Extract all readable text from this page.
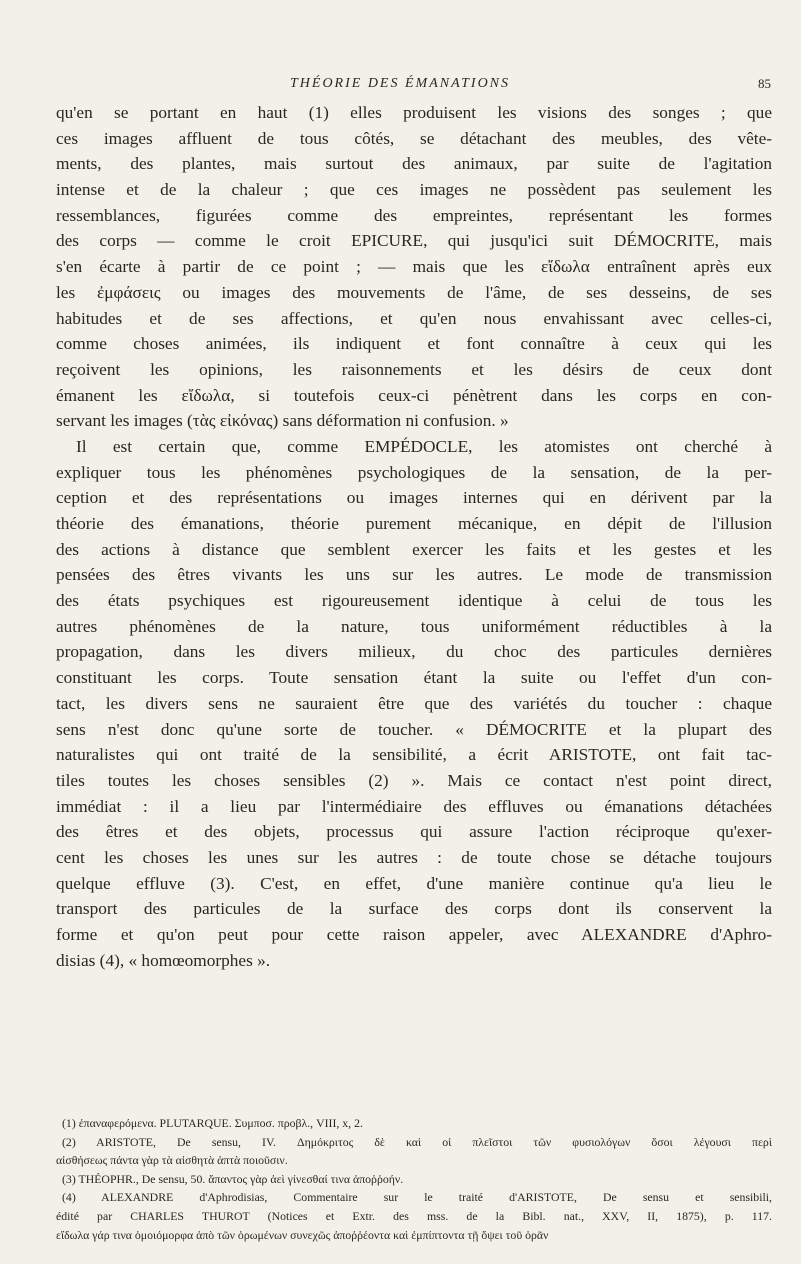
THÉORIE DES ÉMANATIONS	85
qu'en se portant en haut (1) elles produisent les visions des songes ; que
ces images affluent de tous côtés, se détachant des meubles, des vête-
ments, des plantes, mais surtout des animaux, par suite de l'agitation
intense et de la chaleur ; que ces images ne possèdent pas seulement les
ressemblances, figurées comme des empreintes, représentant les formes
des corps — comme le croit EPICURE, qui jusqu'ici suit DÉMOCRITE, mais
s'en écarte à partir de ce point ; — mais que les εἴδωλα entraînent après eux
les ἐμφάσεις ou images des mouvements de l'âme, de ses desseins, de ses
habitudes et de ses affections, et qu'en nous envahissant avec celles-ci,
comme choses animées, ils indiquent et font connaître à ceux qui les
reçoivent les opinions, les raisonnements et les désirs de ceux dont
émanent les εἴδωλα, si toutefois ceux-ci pénètrent dans les corps en con-
servant les images (τὰς εἰκόνας) sans déformation ni confusion. »
Il est certain que, comme EMPÉDOCLE, les atomistes ont cherché à
expliquer tous les phénomènes psychologiques de la sensation, de la per-
ception et des représentations ou images internes qui en dérivent par la
théorie des émanations, théorie purement mécanique, en dépit de l'illusion
des actions à distance que semblent exercer les faits et les gestes et les
pensées des êtres vivants les uns sur les autres. Le mode de transmission
des états psychiques est rigoureusement identique à celui de tous les
autres phénomènes de la nature, tous uniformément réductibles à la
propagation, dans les divers milieux, du choc des particules dernières
constituant les corps. Toute sensation étant la suite ou l'effet d'un con-
tact, les divers sens ne sauraient être que des variétés du toucher : chaque
sens n'est donc qu'une sorte de toucher. « DÉMOCRITE et la plupart des
naturalistes qui ont traité de la sensibilité, a écrit ARISTOTE, ont fait tac-
tiles toutes les choses sensibles (2) ». Mais ce contact n'est point direct,
immédiat : il a lieu par l'intermédiaire des effluves ou émanations détachées
des êtres et des objets, processus qui assure l'action réciproque qu'exer-
cent les choses les unes sur les autres : de toute chose se détache toujours
quelque effluve (3). C'est, en effet, d'une manière continue qu'a lieu le
transport des particules de la surface des corps dont ils conservent la
forme et qu'on peut pour cette raison appeler, avec ALEXANDRE d'Aphro-
disias (4), « homœomorphes ».
(1) ἐπαναφερόμενα. PLUTARQUE. Συμποσ. προβλ., VIII, x, 2.
(2) ARISTOTE, De sensu, IV. Δημόκριτος δὲ καὶ οἱ πλεῖστοι τῶν φυσιολόγων ὅσοι λέγουσι περὶ
αἰσθήσεως πάντα γὰρ τὰ αἰσθητὰ ἁπτὰ ποιοῦσιν.
(3) THÉOPHR., De sensu, 50. ἅπαντος γὰρ ἀεὶ γίνεσθαί τινα ἀποῤῥοήν.
(4) ALEXANDRE d'Aphrodisias, Commentaire sur le traité d'ARISTOTE, De sensu et sensibili,
édité par CHARLES THUROT (Notices et Extr. des mss. de la Bibl. nat., XXV, II, 1875), p. 117.
εἴδωλα γάρ τινα ὁμοιόμορφα ἀπὸ τῶν ὁρωμένων συνεχῶς ἀποῤῥέοντα καὶ ἐμπίπτοντα τῇ ὄψει τοῦ ὁρᾶν
